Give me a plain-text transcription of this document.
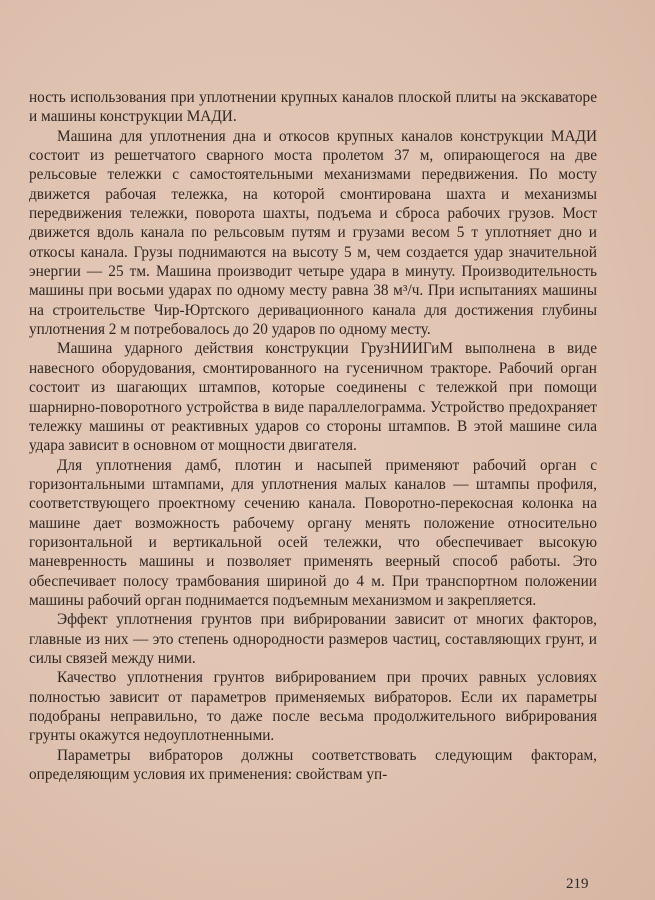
ность использования при уплотнении крупных каналов плоской плиты на экскаваторе и машины конструкции МАДИ.

Машина для уплотнения дна и откосов крупных каналов конструкции МАДИ состоит из решетчатого сварного моста пролетом 37 м, опирающегося на две рельсовые тележки с самостоятельными механизмами передвижения. По мосту движется рабочая тележка, на которой смонтирована шахта и механизмы передвижения тележки, поворота шахты, подъема и сброса рабочих грузов. Мост движется вдоль канала по рельсовым путям и грузами весом 5 т уплотняет дно и откосы канала. Грузы поднимаются на высоту 5 м, чем создается удар значительной энергии — 25 тм. Машина производит четыре удара в минуту. Производительность машины при восьми ударах по одному месту равна 38 м³/ч. При испытаниях машины на строительстве Чир-Юртского деривационного канала для достижения глубины уплотнения 2 м потребовалось до 20 ударов по одному месту.

Машина ударного действия конструкции ГрузНИИГиМ выполнена в виде навесного оборудования, смонтированного на гусеничном тракторе. Рабочий орган состоит из шагающих штампов, которые соединены с тележкой при помощи шарнирно-поворотного устройства в виде параллелограмма. Устройство предохраняет тележку машины от реактивных ударов со стороны штампов. В этой машине сила удара зависит в основном от мощности двигателя.

Для уплотнения дамб, плотин и насыпей применяют рабочий орган с горизонтальными штампами, для уплотнения малых каналов — штампы профиля, соответствующего проектному сечению канала. Поворотно-перекосная колонка на машине дает возможность рабочему органу менять положение относительно горизонтальной и вертикальной осей тележки, что обеспечивает высокую маневренность машины и позволяет применять веерный способ работы. Это обеспечивает полосу трамбования шириной до 4 м. При транспортном положении машины рабочий орган поднимается подъемным механизмом и закрепляется.

Эффект уплотнения грунтов при вибрировании зависит от многих факторов, главные из них — это степень однородности размеров частиц, составляющих грунт, и силы связей между ними.

Качество уплотнения грунтов вибрированием при прочих равных условиях полностью зависит от параметров применяемых вибраторов. Если их параметры подобраны неправильно, то даже после весьма продолжительного вибрирования грунты окажутся недоуплотненными.

Параметры вибраторов должны соответствовать следующим факторам, определяющим условия их применения: свойствам уп-

219
